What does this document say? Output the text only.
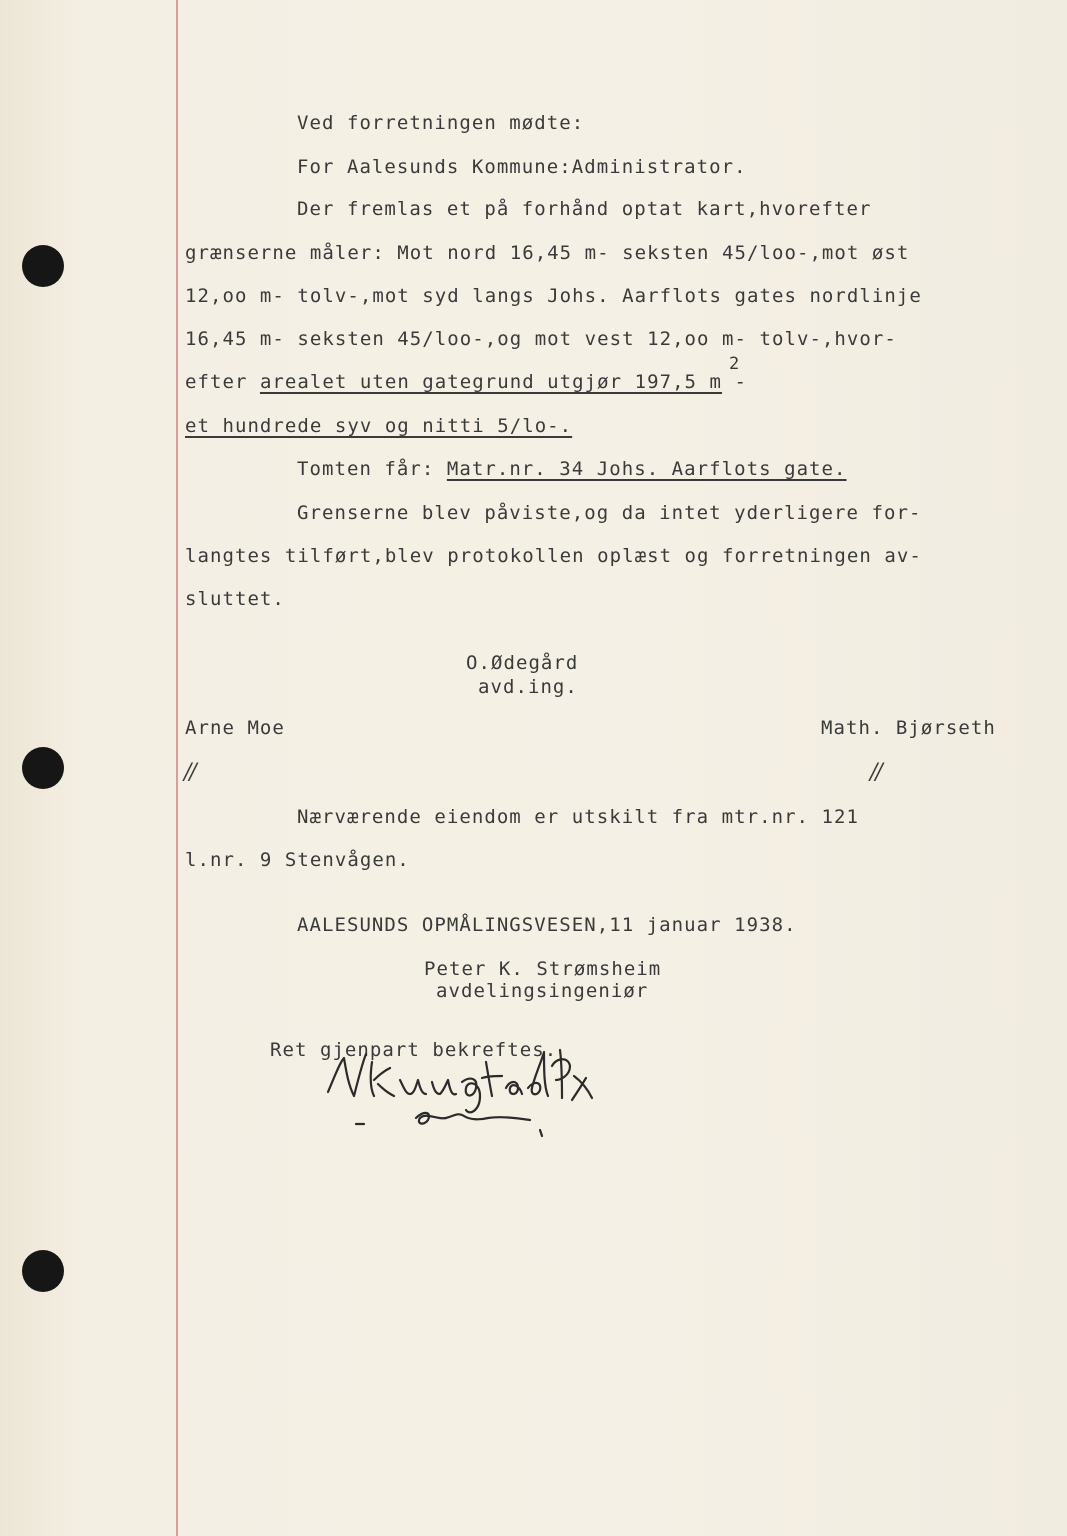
Ved forretningen mødte:
For Aalesunds Kommune:Administrator.
Der fremlas et på forhånd optat kart,hvorefter
grænserne måler: Mot nord 16,45 m- seksten 45/loo-,mot øst
12,oo m- tolv-,mot syd langs Johs. Aarflots gates nordlinje
16,45 m- seksten 45/loo-,og mot vest 12,oo m- tolv-,hvor-
efter arealet uten gategrund utgjør 197,5 m -
2
et hundrede syv og nitti 5/lo-.
Tomten får: Matr.nr. 34 Johs. Aarflots gate.
Grenserne blev påviste,og da intet yderligere for-
langtes tilført,blev protokollen oplæst og forretningen av-
sluttet.
O.Ødegård
avd.ing.
Arne Moe	Math. Bjørseth
//	//
Nærværende eiendom er utskilt fra mtr.nr. 121
l.nr. 9 Stenvågen.
AALESUNDS OPMÅLINGSVESEN,11 januar 1938.
Peter K. Strømsheim
avdelingsingeniør
Ret gjenpart bekreftes.
